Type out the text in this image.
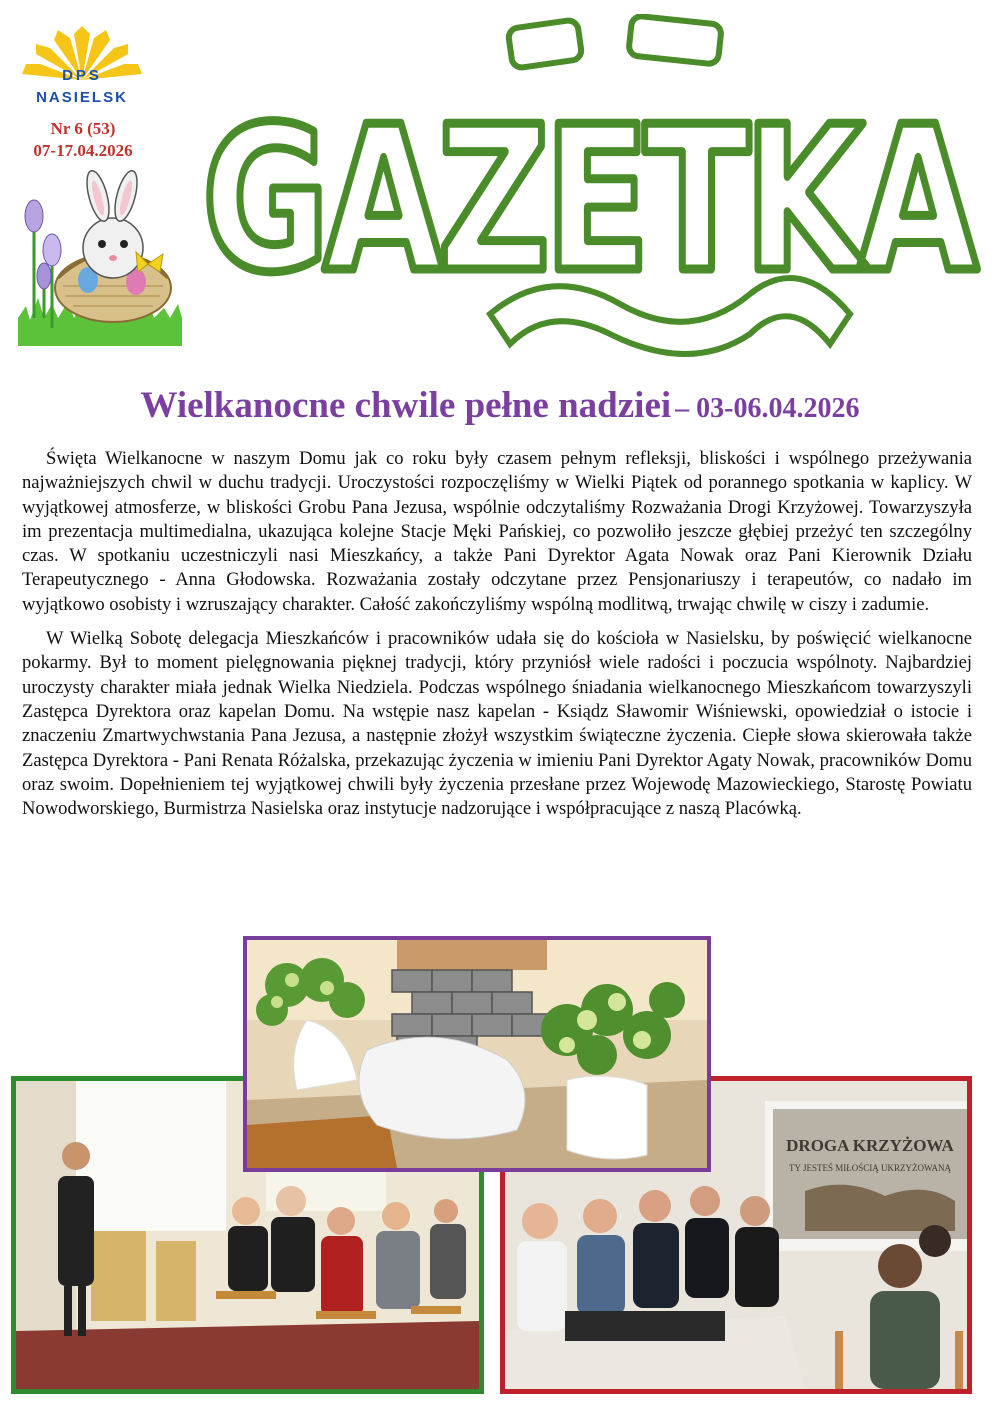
DPS
NASIELSK
Nr 6 (53)
07-17.04.2026 GAZETKA
Wielkanocne chwile pełne nadziei – 03-06.04.2026

Święta Wielkanocne w naszym Domu jak co roku były czasem pełnym refleksji, bliskości i wspólnego przeżywania najważniejszych chwil w duchu tradycji. Uroczystości rozpoczęliśmy w Wielki Piątek od porannego spotkania w kaplicy. W wyjątkowej atmosferze, w bliskości Grobu Pana Jezusa, wspólnie odczytaliśmy Rozważania Drogi Krzyżowej. Towarzyszyła im prezentacja multimedialna, ukazująca kolejne Stacje Męki Pańskiej, co pozwoliło jeszcze głębiej przeżyć ten szczególny czas. W spotkaniu uczestniczyli nasi Mieszkańcy, a także Pani Dyrektor Agata Nowak oraz Pani Kierownik Działu Terapeutycznego - Anna Głodowska. Rozważania zostały odczytane przez Pensjonariuszy i terapeutów, co nadało im wyjątkowo osobisty i wzruszający charakter. Całość zakończyliśmy wspólną modlitwą, trwając chwilę w ciszy i zadumie.

W Wielką Sobotę delegacja Mieszkańców i pracowników udała się do kościoła w Nasielsku, by poświęcić wielkanocne pokarmy. Był to moment pielęgnowania pięknej tradycji, który przyniósł wiele radości i poczucia wspólnoty. Najbardziej uroczysty charakter miała jednak Wielka Niedziela. Podczas wspólnego śniadania wielkanocnego Mieszkańcom towarzyszyli Zastępca Dyrektora oraz kapelan Domu. Na wstępie nasz kapelan - Ksiądz Sławomir Wiśniewski, opowiedział o istocie i znaczeniu Zmartwychwstania Pana Jezusa, a następnie złożył wszystkim świąteczne życzenia. Ciepłe słowa skierowała także Zastępca Dyrektora - Pani Renata Różalska, przekazując życzenia w imieniu Pani Dyrektor Agaty Nowak, pracowników Domu oraz swoim. Dopełnieniem tej wyjątkowej chwili były życzenia przesłane przez Wojewodę Mazowieckiego, Starostę Powiatu Nowodworskiego, Burmistrza Nasielska oraz instytucje nadzorujące i współpracujące z naszą Placówką.

DROGA KRZYŻOWA
TY JESTEŚ MIŁOŚCIĄ UKRZYŻOWANĄ
